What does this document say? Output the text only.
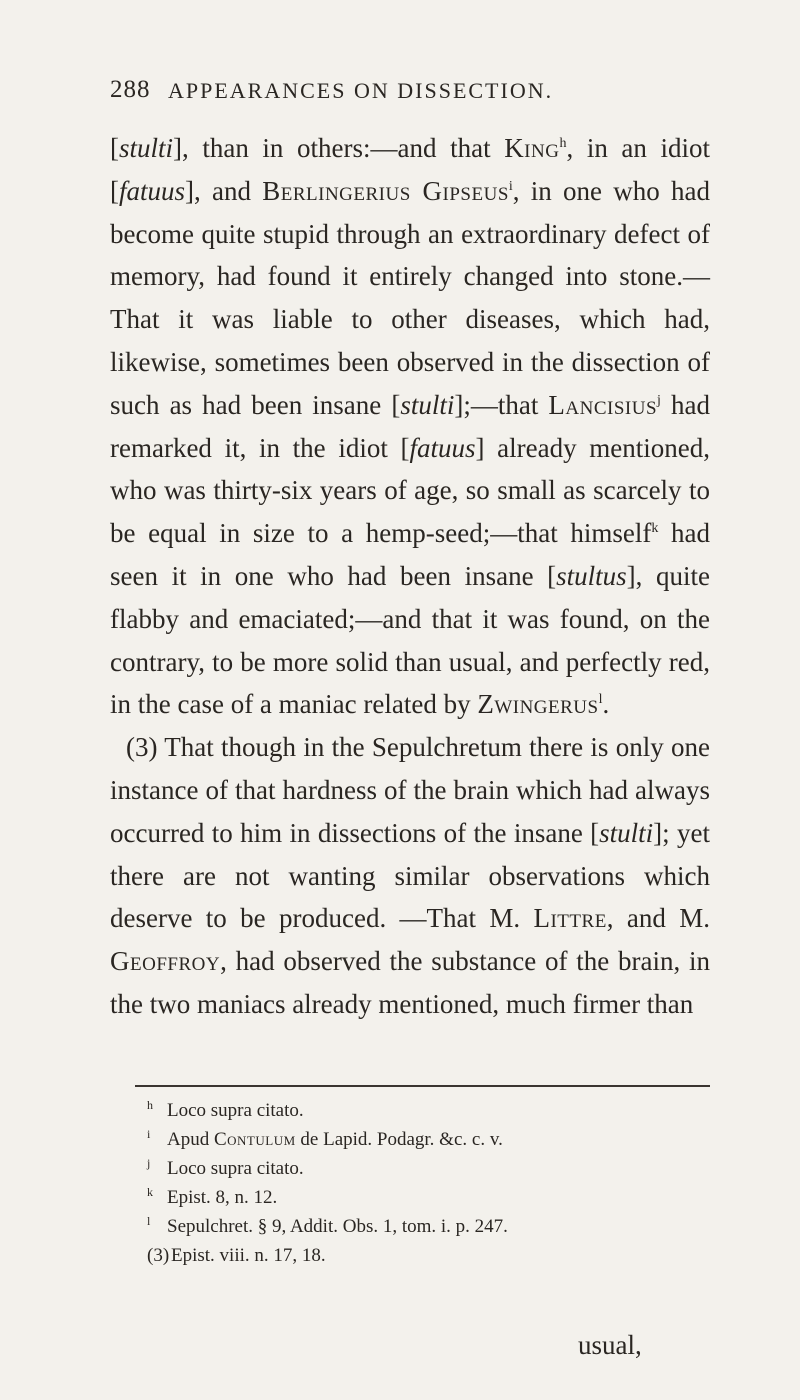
288 APPEARANCES ON DISSECTION.

[stulti], than in others:—and that King$^h$, in an idiot [fatuus], and Berlingerius Gipseus$^i$, in one who had become quite stupid through an extraordinary defect of memory, had found it entirely changed into stone.—That it was liable to other diseases, which had, likewise, sometimes been observed in the dissection of such as had been insane [stulti];—that Lancisius$^j$ had remarked it, in the idiot [fatuus] already mentioned, who was thirty-six years of age, so small as scarcely to be equal in size to a hemp-seed;—that himself$^k$ had seen it in one who had been insane [stultus], quite flabby and emaciated;—and that it was found, on the contrary, to be more solid than usual, and perfectly red, in the case of a maniac related by Zwingerus$^l$.

(3) That though in the Sepulchretum there is only one instance of that hardness of the brain which had always occurred to him in dissections of the insane [stulti]; yet there are not wanting similar observations which deserve to be produced. —That M. Littre, and M. Geoffroy, had observed the substance of the brain, in the two maniacs already mentioned, much firmer than

h Loco supra citato.
i Apud Contulum de Lapid. Podagr. &c. c. v.
j Loco supra citato.
k Epist. 8, n. 12.
l Sepulchret. § 9, Addit. Obs. 1, tom. i. p. 247.
(3)Epist. viii. n. 17, 18.
usual,
